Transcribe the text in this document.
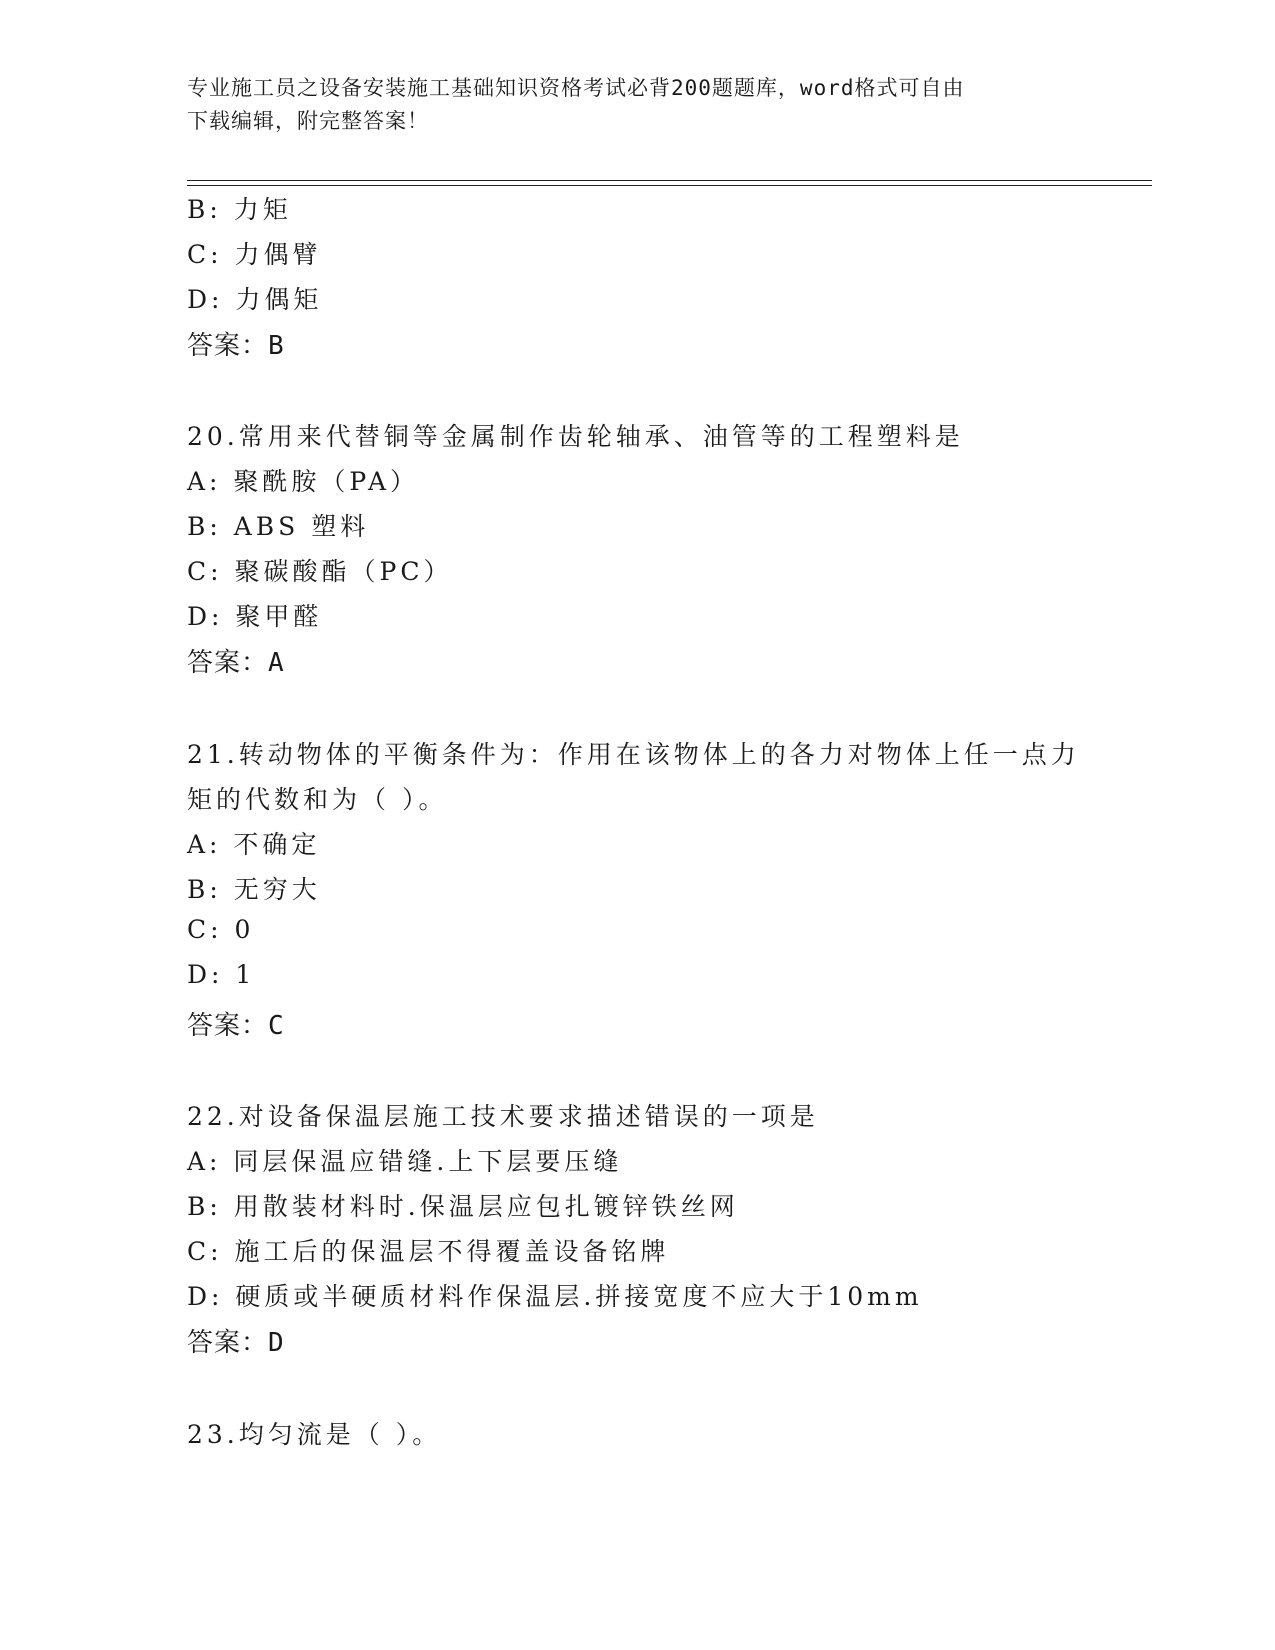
专业施工员之设备安装施工基础知识资格考试必背200题题库，word格式可自由
下载编辑，附完整答案！
B: 力矩
C: 力偶臂
D: 力偶矩
答案：B
20.常用来代替铜等金属制作齿轮轴承、油管等的工程塑料是
A: 聚酰胺（PA）
B: ABS 塑料
C: 聚碳酸酯（PC）
D: 聚甲醛
答案：A
21.转动物体的平衡条件为：作用在该物体上的各力对物体上任一点力
矩的代数和为（ ）。
A: 不确定
B: 无穷大
C: 0
D: 1
答案：C
22.对设备保温层施工技术要求描述错误的一项是
A: 同层保温应错缝.上下层要压缝
B: 用散装材料时.保温层应包扎镀锌铁丝网
C: 施工后的保温层不得覆盖设备铭牌
D: 硬质或半硬质材料作保温层.拼接宽度不应大于10mm
答案：D
23.均匀流是（ ）。
